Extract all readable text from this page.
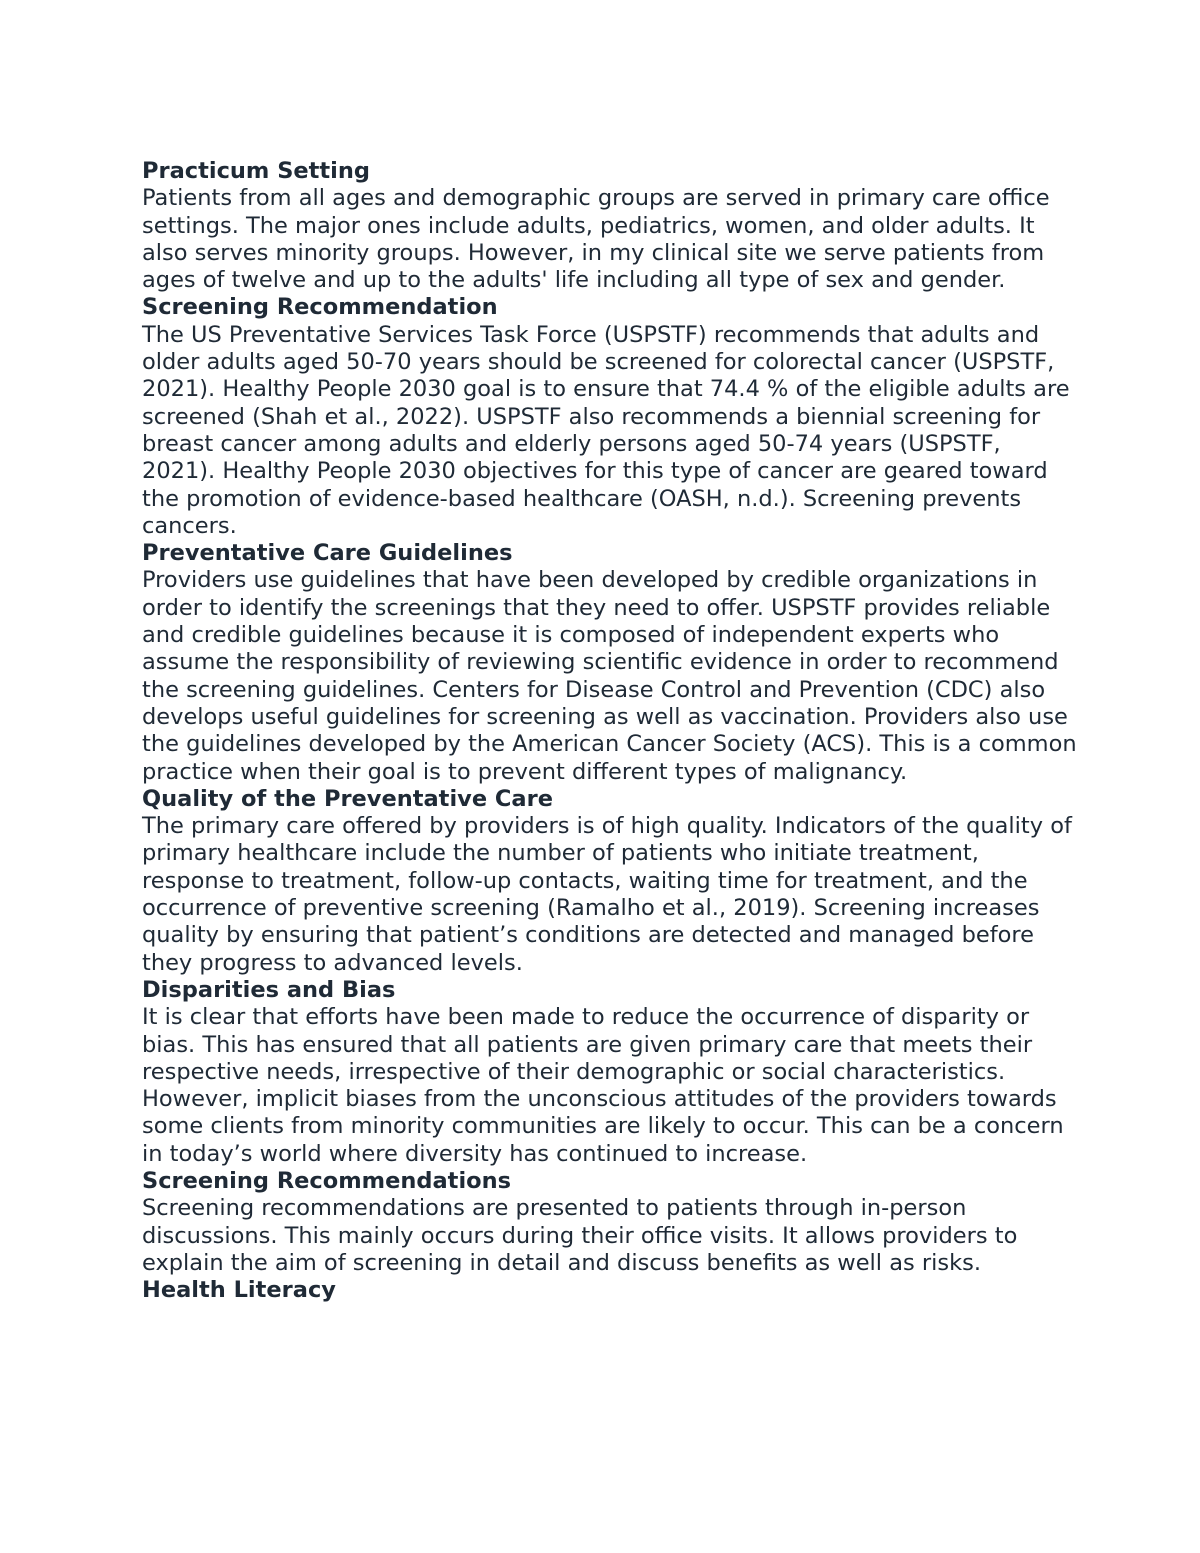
Practicum Setting

Patients from all ages and demographic groups are served in primary care office settings. The major ones include adults, pediatrics, women, and older adults. It also serves minority groups. However, in my clinical site we serve patients from ages of twelve and up to the adults' life including all type of sex and gender.

Screening Recommendation

The US Preventative Services Task Force (USPSTF) recommends that adults and older adults aged 50-70 years should be screened for colorectal cancer (USPSTF, 2021). Healthy People 2030 goal is to ensure that 74.4 % of the eligible adults are screened (Shah et al., 2022). USPSTF also recommends a biennial screening for breast cancer among adults and elderly persons aged 50-74 years (USPSTF, 2021). Healthy People 2030 objectives for this type of cancer are geared toward the promotion of evidence-based healthcare (OASH, n.d.). Screening prevents cancers.

Preventative Care Guidelines

Providers use guidelines that have been developed by credible organizations in order to identify the screenings that they need to offer. USPSTF provides reliable and credible guidelines because it is composed of independent experts who assume the responsibility of reviewing scientific evidence in order to recommend the screening guidelines. Centers for Disease Control and Prevention (CDC) also develops useful guidelines for screening as well as vaccination. Providers also use the guidelines developed by the American Cancer Society (ACS). This is a common practice when their goal is to prevent different types of malignancy.

Quality of the Preventative Care

The primary care offered by providers is of high quality. Indicators of the quality of primary healthcare include the number of patients who initiate treatment, response to treatment, follow-up contacts, waiting time for treatment, and the occurrence of preventive screening (Ramalho et al., 2019). Screening increases quality by ensuring that patient’s conditions are detected and managed before they progress to advanced levels.

Disparities and Bias

It is clear that efforts have been made to reduce the occurrence of disparity or bias. This has ensured that all patients are given primary care that meets their respective needs, irrespective of their demographic or social characteristics. However, implicit biases from the unconscious attitudes of the providers towards some clients from minority communities are likely to occur. This can be a concern in today’s world where diversity has continued to increase.

Screening Recommendations

Screening recommendations are presented to patients through in-person discussions. This mainly occurs during their office visits. It allows providers to explain the aim of screening in detail and discuss benefits as well as risks.

Health Literacy
